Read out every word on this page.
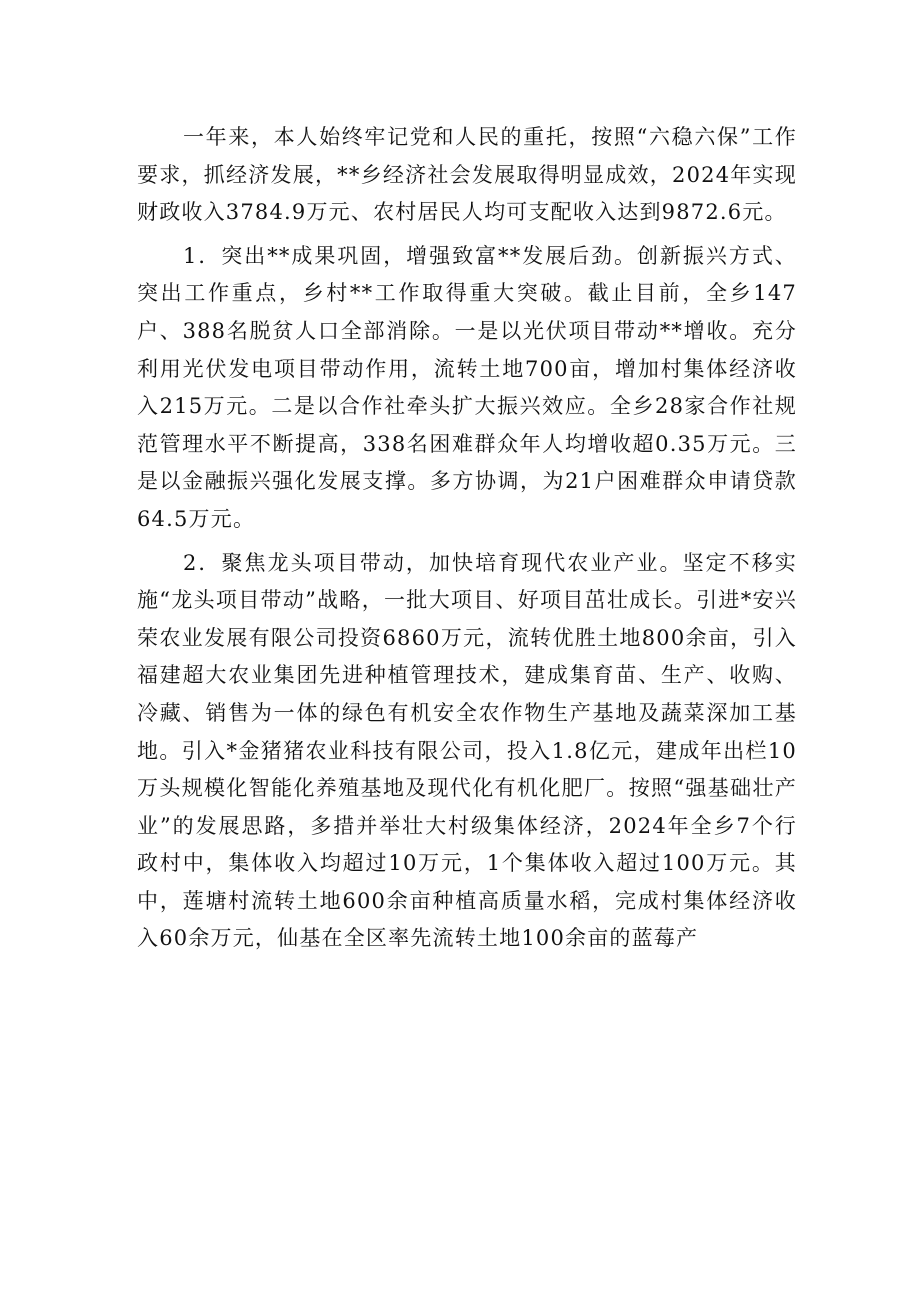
一年来，本人始终牢记党和人民的重托，按照“六稳六保”工作要求，抓经济发展，**乡经济社会发展取得明显成效，2024年实现财政收入3784.9万元、农村居民人均可支配收入达到9872.6元。

1．突出**成果巩固，增强致富**发展后劲。创新振兴方式、突出工作重点，乡村**工作取得重大突破。截止目前，全乡147户、388名脱贫人口全部消除。一是以光伏项目带动**增收。充分利用光伏发电项目带动作用，流转土地700亩，增加村集体经济收入215万元。二是以合作社牵头扩大振兴效应。全乡28家合作社规范管理水平不断提高，338名困难群众年人均增收超0.35万元。三是以金融振兴强化发展支撑。多方协调，为21户困难群众申请贷款64.5万元。

2．聚焦龙头项目带动，加快培育现代农业产业。坚定不移实施“龙头项目带动”战略，一批大项目、好项目茁壮成长。引进*安兴荣农业发展有限公司投资6860万元，流转优胜土地800余亩，引入福建超大农业集团先进种植管理技术，建成集育苗、生产、收购、冷藏、销售为一体的绿色有机安全农作物生产基地及蔬菜深加工基地。引入*金猪猪农业科技有限公司，投入1.8亿元，建成年出栏10万头规模化智能化养殖基地及现代化有机化肥厂。按照“强基础壮产业”的发展思路，多措并举壮大村级集体经济，2024年全乡7个行政村中，集体收入均超过10万元，1个集体收入超过100万元。其中，莲塘村流转土地600余亩种植高质量水稻，完成村集体经济收入60余万元，仙基在全区率先流转土地100余亩的蓝莓产
